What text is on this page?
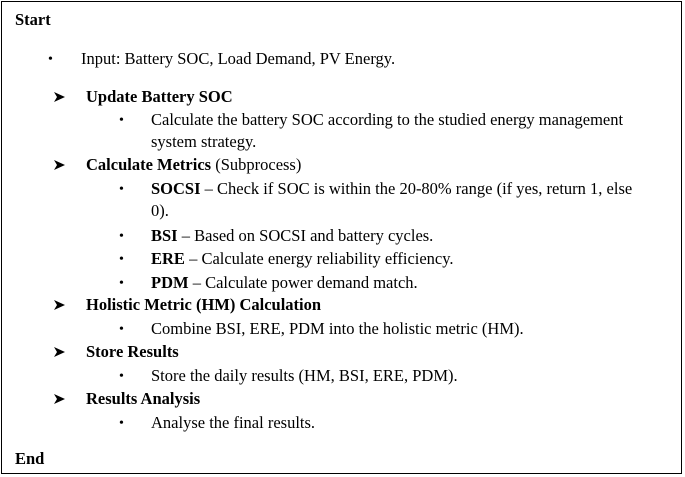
Start
• Input: Battery SOC, Load Demand, PV Energy.
Update Battery SOC
• Calculate the battery SOC according to the studied energy management
system strategy.
Calculate Metrics (Subprocess)
• SOCSI – Check if SOC is within the 20-80% range (if yes, return 1, else
0).
• BSI – Based on SOCSI and battery cycles.
• ERE – Calculate energy reliability efficiency.
• PDM – Calculate power demand match.
Holistic Metric (HM) Calculation
• Combine BSI, ERE, PDM into the holistic metric (HM).
Store Results
• Store the daily results (HM, BSI, ERE, PDM).
Results Analysis
• Analyse the final results.
End
